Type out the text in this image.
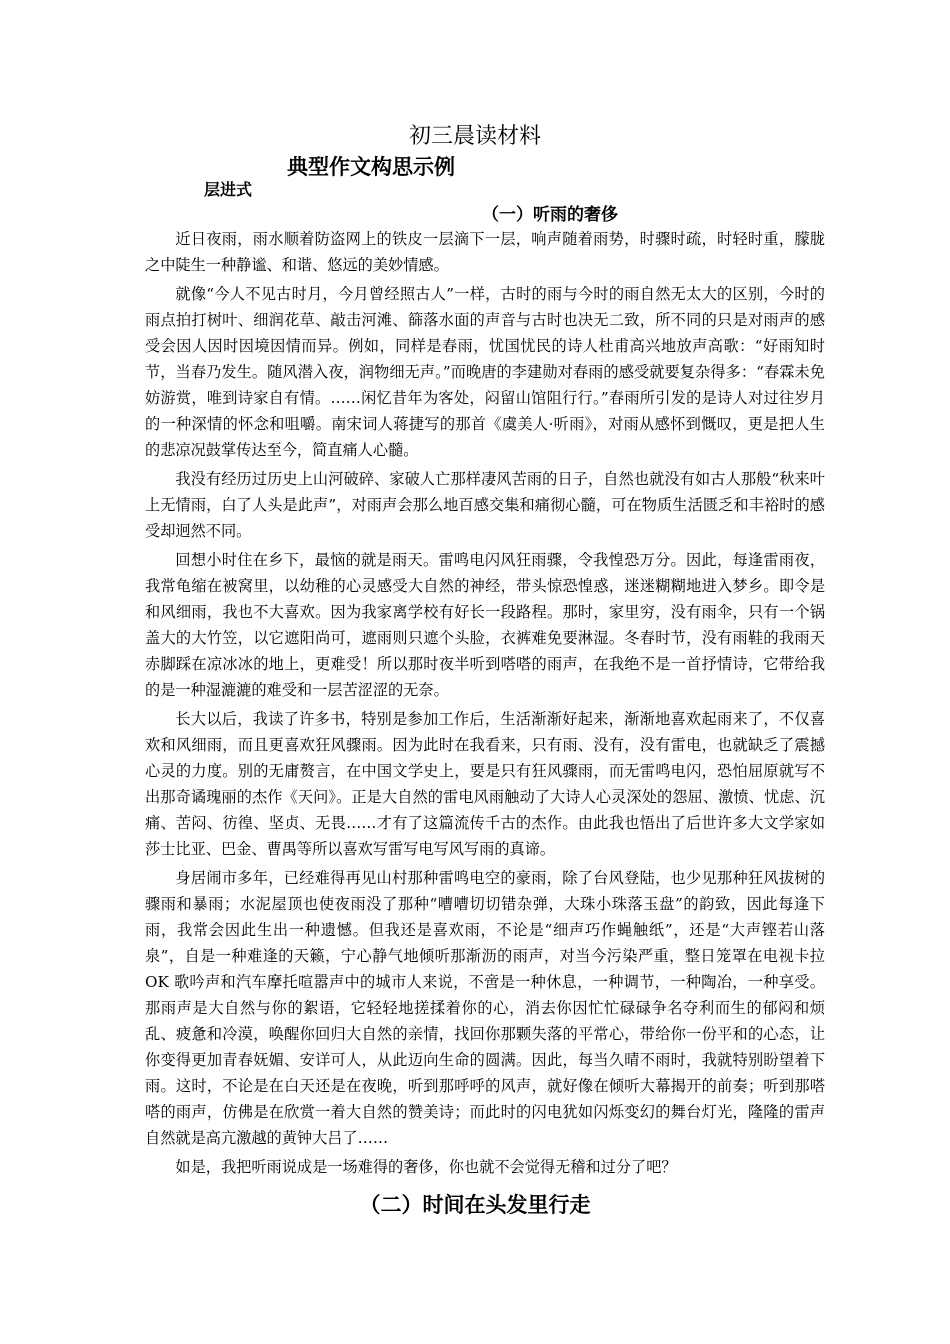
初三晨读材料
典型作文构思示例
层进式
（一）听雨的奢侈

近日夜雨，雨水顺着防盗网上的铁皮一层滴下一层，响声随着雨势，时骤时疏，时轻时重，朦胧之中陡生一种静谧、和谐、悠远的美妙情感。

就像“今人不见古时月，今月曾经照古人”一样，古时的雨与今时的雨自然无太大的区别，今时的雨点拍打树叶、细润花草、敲击河滩、篩落水面的声音与古时也决无二致，所不同的只是对雨声的感受会因人因时因境因情而异。例如，同样是春雨，忧国忧民的诗人杜甫高兴地放声高歌：“好雨知时节，当春乃发生。随风潜入夜，润物细无声。”而晚唐的李建勋对春雨的感受就要复杂得多：“春霖未免妨游赏，唯到诗家自有情。……闲忆昔年为客处，闷留山馆阻行行。”春雨所引发的是诗人对过往岁月的一种深情的怀念和咀嚼。南宋词人蒋捷写的那首《虞美人·听雨》，对雨从感怀到慨叹，更是把人生的悲凉况鼓掌传达至今，简直痛人心髓。

我没有经历过历史上山河破碎、家破人亡那样凄风苦雨的日子，自然也就没有如古人那般“秋来叶上无情雨，白了人头是此声”，对雨声会那么地百感交集和痛彻心髓，可在物质生活匮乏和丰裕时的感受却迥然不同。

回想小时住在乡下，最恼的就是雨天。雷鸣电闪风狂雨骤，令我惶恐万分。因此，每逢雷雨夜，我常龟缩在被窝里，以幼稚的心灵感受大自然的神经，带头惊恐惶惑，迷迷糊糊地进入梦乡。即令是和风细雨，我也不大喜欢。因为我家离学校有好长一段路程。那时，家里穷，没有雨伞，只有一个锅盖大的大竹笠，以它遮阳尚可，遮雨则只遮个头脸，衣裤难免要淋湿。冬春时节，没有雨鞋的我雨天赤脚踩在凉冰冰的地上，更难受！所以那时夜半听到嗒嗒的雨声，在我绝不是一首抒情诗，它带给我的是一种湿漉漉的难受和一层苦涩涩的无奈。

长大以后，我读了许多书，特别是参加工作后，生活渐渐好起来，渐渐地喜欢起雨来了，不仅喜欢和风细雨，而且更喜欢狂风骤雨。因为此时在我看来，只有雨、没有，没有雷电，也就缺乏了震撼心灵的力度。别的无庸赘言，在中国文学史上，要是只有狂风骤雨，而无雷鸣电闪，恐怕屈原就写不出那奇谲瑰丽的杰作《天问》。正是大自然的雷电风雨触动了大诗人心灵深处的怨屈、激愤、忧虑、沉痛、苦闷、彷徨、坚贞、无畏……才有了这篇流传千古的杰作。由此我也悟出了后世许多大文学家如莎士比亚、巴金、曹禺等所以喜欢写雷写电写风写雨的真谛。

身居闹市多年，已经难得再见山村那种雷鸣电空的豪雨，除了台风登陆，也少见那种狂风拔树的骤雨和暴雨；水泥屋顶也使夜雨没了那种“嘈嘈切切错杂弹，大珠小珠落玉盘”的韵致，因此每逢下雨，我常会因此生出一种遗憾。但我还是喜欢雨，不论是“细声巧作蝇触纸”，还是“大声铿若山落泉”，自是一种难逢的天籁，宁心静气地倾听那渐沥的雨声，对当今污染严重，整日笼罩在电视卡拉 OK 歌吟声和汽车摩托喧嚣声中的城市人来说，不啻是一种休息，一种调节，一种陶冶，一种享受。那雨声是大自然与你的絮语，它轻轻地搓揉着你的心，消去你因忙忙碌碌争名夺利而生的郁闷和烦乱、疲惫和冷漠，唤醒你回归大自然的亲情，找回你那颗失落的平常心，带给你一份平和的心态，让你变得更加青春妩媚、安详可人，从此迈向生命的圆满。因此，每当久晴不雨时，我就特别盼望着下雨。这时，不论是在白天还是在夜晚，听到那呼呼的风声，就好像在倾听大幕揭开的前奏；听到那嗒嗒的雨声，仿佛是在欣赏一着大自然的赞美诗；而此时的闪电犹如闪烁变幻的舞台灯光，隆隆的雷声自然就是高亢激越的黄钟大吕了……

如是，我把听雨说成是一场难得的奢侈，你也就不会觉得无稽和过分了吧？

（二）时间在头发里行走
